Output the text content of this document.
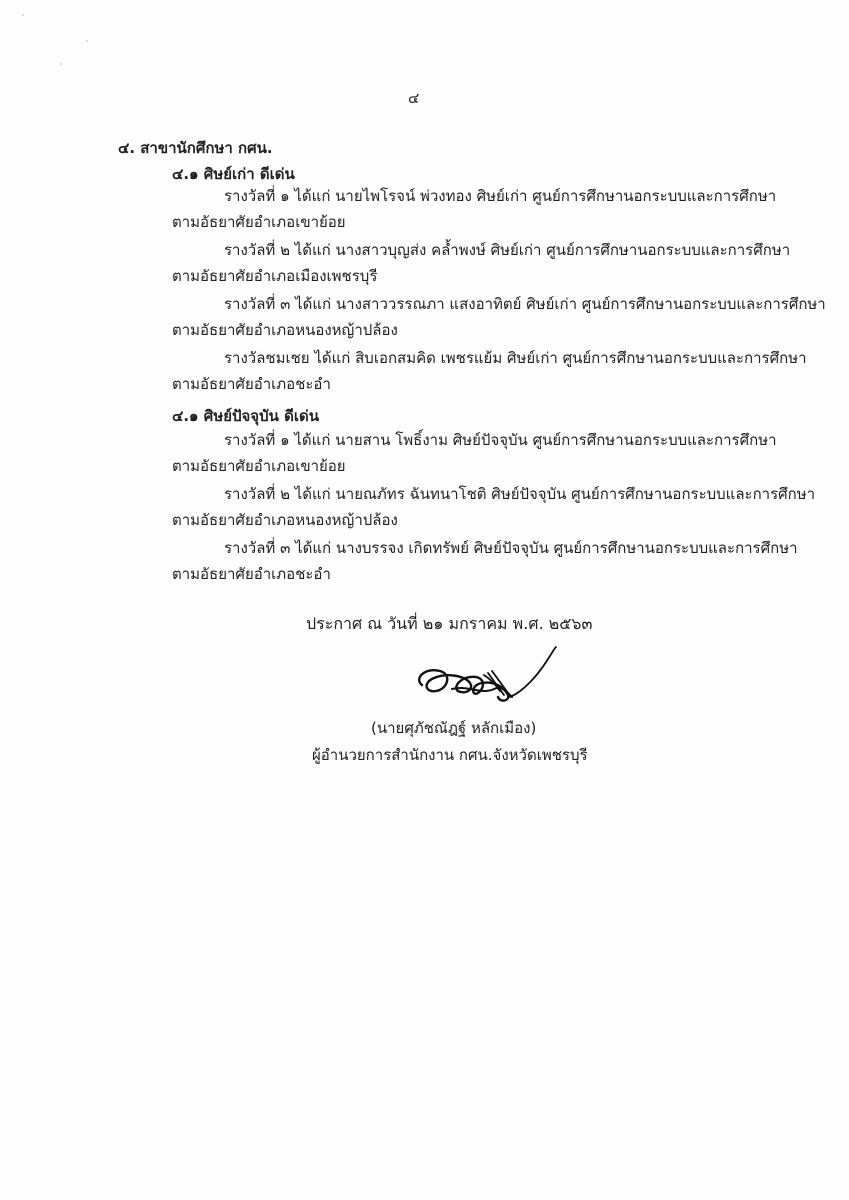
๔
๔. สาขานักศึกษา กศน.
๔.๑ ศิษย์เก่า ดีเด่น
รางวัลที่ ๑ ได้แก่ นายไพโรจน์ พ่วงทอง ศิษย์เก่า ศูนย์การศึกษานอกระบบและการศึกษา
ตามอัธยาศัยอำเภอเขาย้อย
รางวัลที่ ๒ ได้แก่ นางสาวบุญส่ง คล้ำพงษ์ ศิษย์เก่า ศูนย์การศึกษานอกระบบและการศึกษา
ตามอัธยาศัยอำเภอเมืองเพชรบุรี
รางวัลที่ ๓ ได้แก่ นางสาววรรณภา แสงอาทิตย์ ศิษย์เก่า ศูนย์การศึกษานอกระบบและการศึกษา
ตามอัธยาศัยอำเภอหนองหญ้าปล้อง
รางวัลชมเชย ได้แก่ สิบเอกสมคิด เพชรแย้ม ศิษย์เก่า ศูนย์การศึกษานอกระบบและการศึกษา
ตามอัธยาศัยอำเภอชะอำ
๔.๑ ศิษย์ปัจจุบัน ดีเด่น
รางวัลที่ ๑ ได้แก่ นายสาน โพธิ์งาม ศิษย์ปัจจุบัน ศูนย์การศึกษานอกระบบและการศึกษา
ตามอัธยาศัยอำเภอเขาย้อย
รางวัลที่ ๒ ได้แก่ นายณภัทร ฉันทนาโชติ ศิษย์ปัจจุบัน ศูนย์การศึกษานอกระบบและการศึกษา
ตามอัธยาศัยอำเภอหนองหญ้าปล้อง
รางวัลที่ ๓ ได้แก่ นางบรรจง เกิดทรัพย์ ศิษย์ปัจจุบัน ศูนย์การศึกษานอกระบบและการศึกษา
ตามอัธยาศัยอำเภอชะอำ
ประกาศ ณ วันที่ ๒๑ มกราคม พ.ศ. ๒๕๖๓
(นายศุภัชณัฎฐ์ หลักเมือง)
ผู้อำนวยการสำนักงาน กศน.จังหวัดเพชรบุรี
